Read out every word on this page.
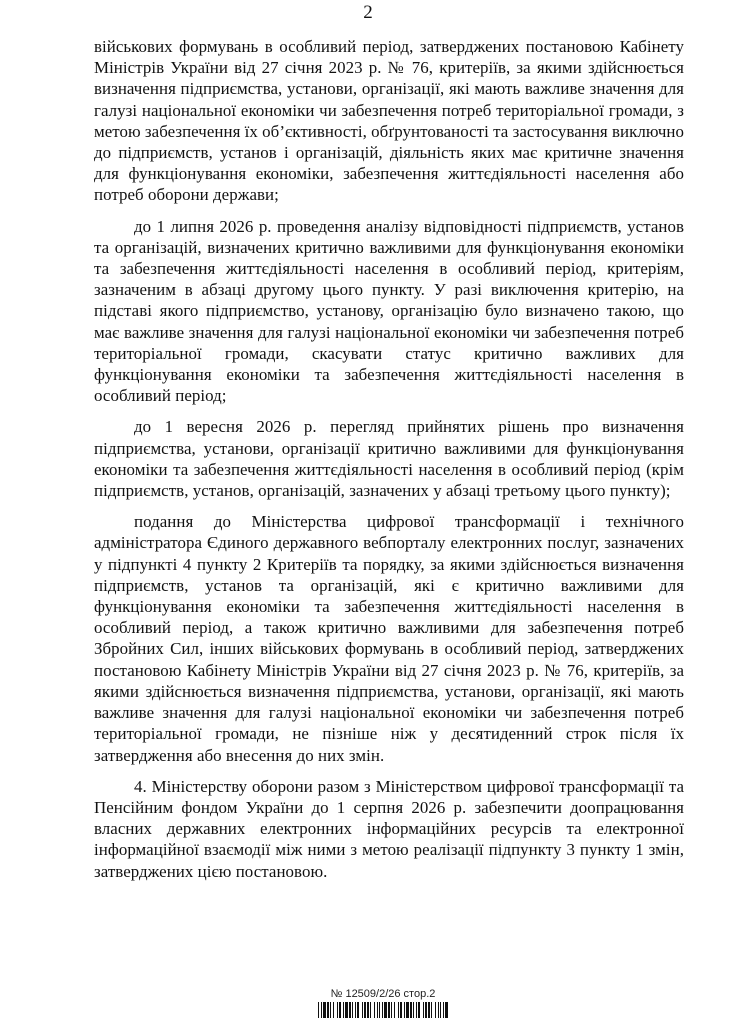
2

військових формувань в особливий період, затверджених постановою Кабінету Міністрів України від 27 січня 2023 р. № 76, критеріїв, за якими здійснюється визначення підприємства, установи, організації, які мають важливе значення для галузі національної економіки чи забезпечення потреб територіальної громади, з метою забезпечення їх об’єктивності, обґрунтованості та застосування виключно до підприємств, установ і організацій, діяльність яких має критичне значення для функціонування економіки, забезпечення життєдіяльності населення або потреб оборони держави;

до 1 липня 2026 р. проведення аналізу відповідності підприємств, установ та організацій, визначених критично важливими для функціонування економіки та забезпечення життєдіяльності населення в особливий період, критеріям, зазначеним в абзаці другому цього пункту. У разі виключення критерію, на підставі якого підприємство, установу, організацію було визначено такою, що має важливе значення для галузі національної економіки чи забезпечення потреб територіальної громади, скасувати статус критично важливих для функціонування економіки та забезпечення життєдіяльності населення в особливий період;

до 1 вересня 2026 р. перегляд прийнятих рішень про визначення підприємства, установи, організації критично важливими для функціонування економіки та забезпечення життєдіяльності населення в особливий період (крім підприємств, установ, організацій, зазначених у абзаці третьому цього пункту);

подання до Міністерства цифрової трансформації і технічного адміністратора Єдиного державного вебпорталу електронних послуг, зазначених у підпункті 4 пункту 2 Критеріїв та порядку, за якими здійснюється визначення підприємств, установ та організацій, які є критично важливими для функціонування економіки та забезпечення життєдіяльності населення в особливий період, а також критично важливими для забезпечення потреб Збройних Сил, інших військових формувань в особливий період, затверджених постановою Кабінету Міністрів України від 27 січня 2023 р. № 76, критеріїв, за якими здійснюється визначення підприємства, установи, організації, які мають важливе значення для галузі національної економіки чи забезпечення потреб територіальної громади, не пізніше ніж у десятиденний строк після їх затвердження або внесення до них змін.

4. Міністерству оборони разом з Міністерством цифрової трансформації та Пенсійним фондом України до 1 серпня 2026 р. забезпечити доопрацювання власних державних електронних інформаційних ресурсів та електронної інформаційної взаємодії між ними з метою реалізації підпункту 3 пункту 1 змін, затверджених цією постановою.

№ 12509/2/26 стор.2
